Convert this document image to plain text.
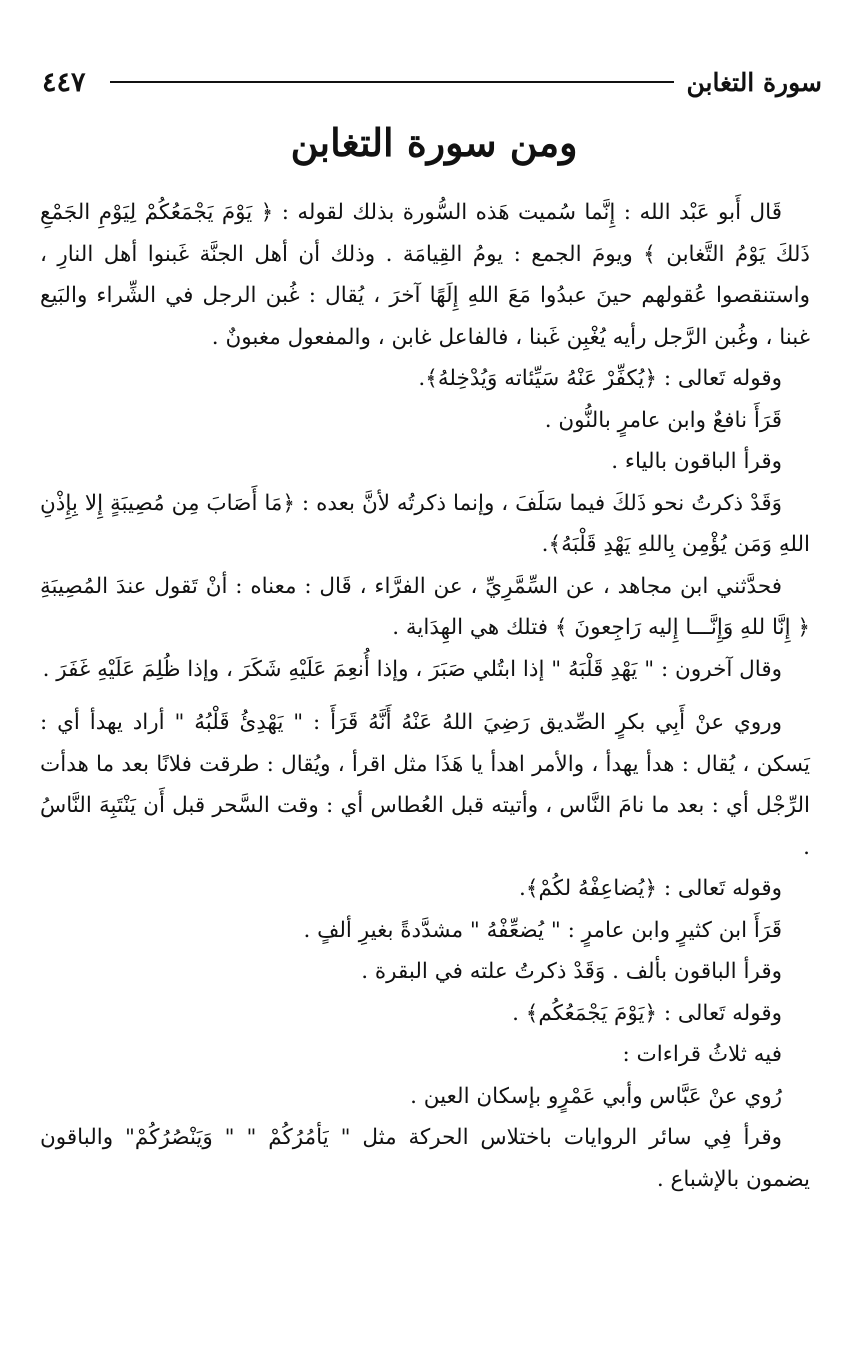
٤٤٧	سورة التغابن
ومن سورة التغابن

قَال أَبو عَبْد الله : إِنَّما سُميت هَذه السُّورة بذلك لقوله : ﴿ يَوْمَ يَجْمَعُكُمْ لِيَوْمِ الجَمْعِ ذَلكَ يَوْمُ التَّغابن ﴾ ويومَ الجمع : يومُ القِيامَة . وذلك أن أهل الجنَّة غَبنوا أهل النارِ ، واستنقصوا عُقولهم حينَ عبدُوا مَعَ اللهِ إِلَهًا آخرَ ، يُقال : غُبن الرجل في الشِّراء والبَيع غبنا ، وغُبن الرَّجل رأيه يُغْبِن غَبنا ، فالفاعل غابن ، والمفعول مغبونٌ .

وقوله تَعالى : ﴿يُكفِّرْ عَنْهُ سَيِّئاته وَيُدْخِلهُ﴾.

قَرَأَ نافعٌ وابن عامرٍ بالنُّون .

وقرأ الباقون بالياء .

وَقَدْ ذكرتُ نحو ذَلكَ فيما سَلَفَ ، وإنما ذكرتُه لأنَّ بعده : ﴿مَا أَصَابَ مِن مُصِيبَةٍ إِلا بِإِذْنِ اللهِ وَمَن يُؤْمِن بِاللهِ يَهْدِ قَلْبَهُ﴾.

فحدَّثني ابن مجاهد ، عن السِّمَّرِيِّ ، عن الفرَّاء ، قَال : معناه : أنْ تَقول عندَ المُصِيبَةِ ﴿ إِنَّا للهِ وَإِنَّـــا إِليه رَاجِعونَ ﴾ فتلك هي الهِدَاية .

وقال آخرون : " يَهْدِ قَلْبَهُ " إذا ابتُلي صَبَرَ ، وإذا أُنعِمَ عَلَيْهِ شَكَرَ ، وإذا ظُلِمَ عَلَيْهِ غَفَرَ .

وروي عنْ أَبِي بكرٍ الصِّديق رَضِيَ اللهُ عَنْهُ أَنَّهُ قَرَأَ : " يَهْدِئُ قَلْبُهُ " أراد يهدأ أي : يَسكن ، يُقال : هدأ يهدأ ، والأمر اهدأ يا هَذَا مثل اقرأ ، ويُقال : طرقت فلانًا بعد ما هدأت الرِّجْل أي : بعد ما نامَ النَّاس ، وأتيته قبل العُطاس أي : وقت السَّحر قبل أَن يَنْتَبِهَ النَّاسُ .

وقوله تَعالى : ﴿يُضاعِفْهُ لكُمْ﴾.

قَرَأَ ابن كثيرٍ وابن عامرٍ : " يُضعِّفْهُ " مشدَّدةً بغيرِ ألفٍ .

وقرأ الباقون بألف . وَقَدْ ذكرتُ علته في البقرة .

وقوله تَعالى : ﴿يَوْمَ يَجْمَعُكُم﴾ .

فيه ثلاثُ قراءات :

رُوي عنْ عَبَّاس وأبي عَمْرٍو بإسكان العين .

وقرأ فِي سائر الروايات باختلاس الحركة مثل " يَأمُرُكُمْ " " وَيَنْصُرُكُمْ" والباقون يضمون بالإشباع .
